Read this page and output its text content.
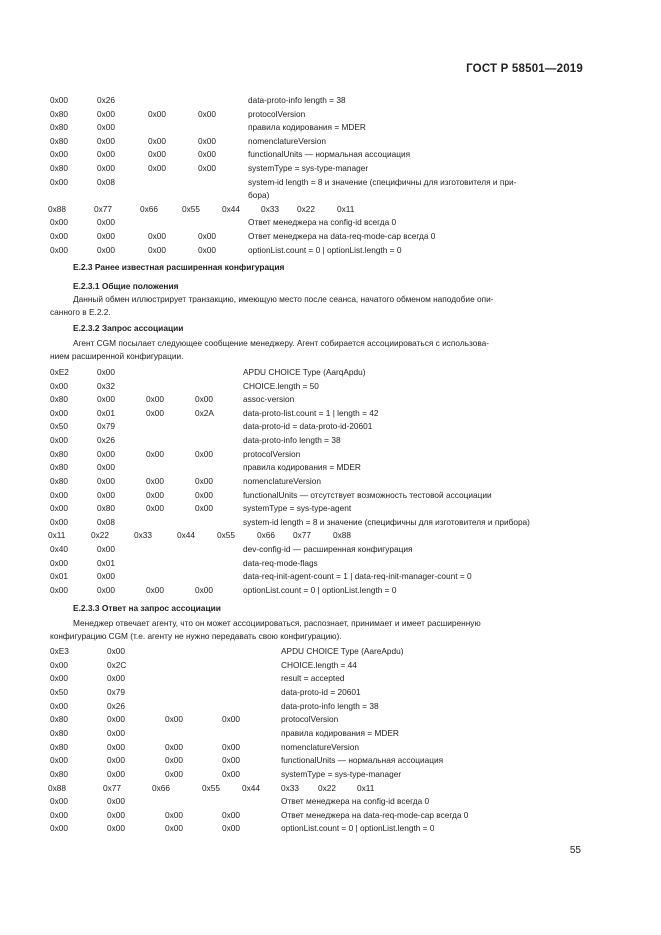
ГОСТ Р 58501—2019
0x00	0x26	data-proto-info length = 38
0x80	0x00	0x00	0x00	protocolVersion
0x80	0x00	правила кодирования = MDER
0x80	0x00	0x00	0x00	nomenclatureVersion
0x00	0x00	0x00	0x00	functionalUnits — нормальная ассоциация
0x80	0x00	0x00	0x00	systemType = sys-type-manager
0x00	0x08	system-id length = 8 и значение (специфичны для изготовителя и при-
бора)
0x88	0x77	0x66	0x55	0x44	0x33 0x22	0x11
0x00	0x00	Ответ менеджера на config-id всегда 0
0x00	0x00	0x00	0x00	Ответ менеджера на data-req-mode-cap всегда 0
0x00	0x00	0x00	0x00	optionList.count = 0 | optionList.length = 0
E.2.3 Ранее известная расширенная конфигурация
E.2.3.1 Общие положения
Данный обмен иллюстрирует транзакцию, имеющую место после сеанса, начатого обменом наподобие опи-
санного в E.2.2.
E.2.3.2 Запрос ассоциации
Агент CGM посылает следующее сообщение менеджеру. Агент собирается ассоциироваться с использова-
нием расширенной конфигурации.
0xE2	0x00	APDU CHOICE Type (AarqApdu)
0x00	0x32	CHOICE.length = 50
0x80	0x00	0x00	0x00	assoc-version
0x00	0x01	0x00	0x2A	data-proto-list.count = 1 | length = 42
0x50	0x79	data-proto-id = data-proto-id-20601
0x00	0x26	data-proto-info length = 38
0x80	0x00	0x00	0x00	protocolVersion
0x80	0x00	правила кодирования = MDER
0x80	0x00	0x00	0x00	nomenclatureVersion
0x00	0x00	0x00	0x00	functionalUnits — отсутствует возможность тестовой ассоциации
0x00	0x80	0x00	0x00	systemType = sys-type-agent
0x00	0x08	system-id length = 8 и значение (специфичны для изготовителя и прибора)
0x11	0x22	0x33	0x44	0x55	0x66 0x77	0x88
0x40	0x00	dev-config-id — расширенная конфигурация
0x00	0x01	data-req-mode-flags
0x01	0x00	data-req-init-agent-count = 1 | data-req-init-manager-count = 0
0x00	0x00	0x00	0x00	optionList.count = 0 | optionList.length = 0
E.2.3.3 Ответ на запрос ассоциации
Менеджер отвечает агенту, что он может ассоциироваться, распознает, принимает и имеет расширенную
конфигурацию CGM (т.е. агенту не нужно передавать свою конфигурацию).
0xE3	0x00	APDU CHOICE Type (AareApdu)
0x00	0x2C	CHOICE.length = 44
0x00	0x00	result = accepted
0x50	0x79	data-proto-id = 20601
0x00	0x26	data-proto-info length = 38
0x80	0x00	0x00	0x00	protocolVersion
0x80	0x00	правила кодирования = MDER
0x80	0x00	0x00	0x00	nomenclatureVersion
0x00	0x00	0x00	0x00	functionalUnits — нормальная ассоциация
0x80	0x00	0x00	0x00	systemType = sys-type-manager
0x88	0x77	0x66	0x55	0x44	0x33 0x22	0x11
0x00	0x00	Ответ менеджера на config-id всегда 0
0x00	0x00	0x00	0x00	Ответ менеджера на data-req-mode-cap всегда 0
0x00	0x00	0x00	0x00	optionList.count = 0 | optionList.length = 0
55
